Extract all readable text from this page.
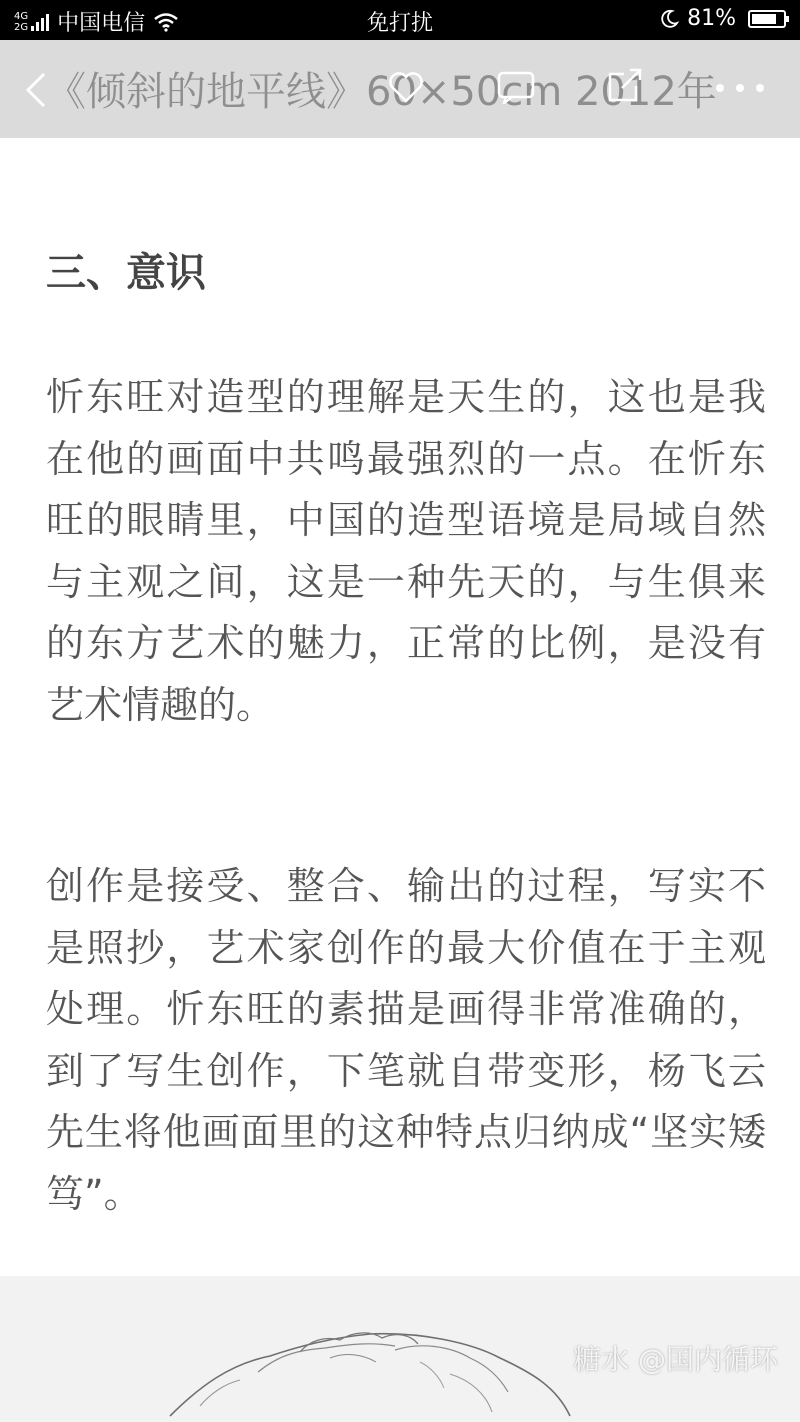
4G
2G 中国电信	免打扰	81%
三、意识
忻东旺对造型的理解是天生的，这也是我在他的画面中共鸣最强烈的一点。在忻东旺的眼睛里，中国的造型语境是局域自然与主观之间，这是一种先天的，与生俱来的东方艺术的魅力，正常的比例，是没有艺术情趣的。
创作是接受、整合、输出的过程，写实不是照抄，艺术家创作的最大价值在于主观处理。忻东旺的素描是画得非常准确的，到了写生创作，下笔就自带变形，杨飞云先生将他画面里的这种特点归纳成“坚实矮笃”。
糖水 @国内循环
